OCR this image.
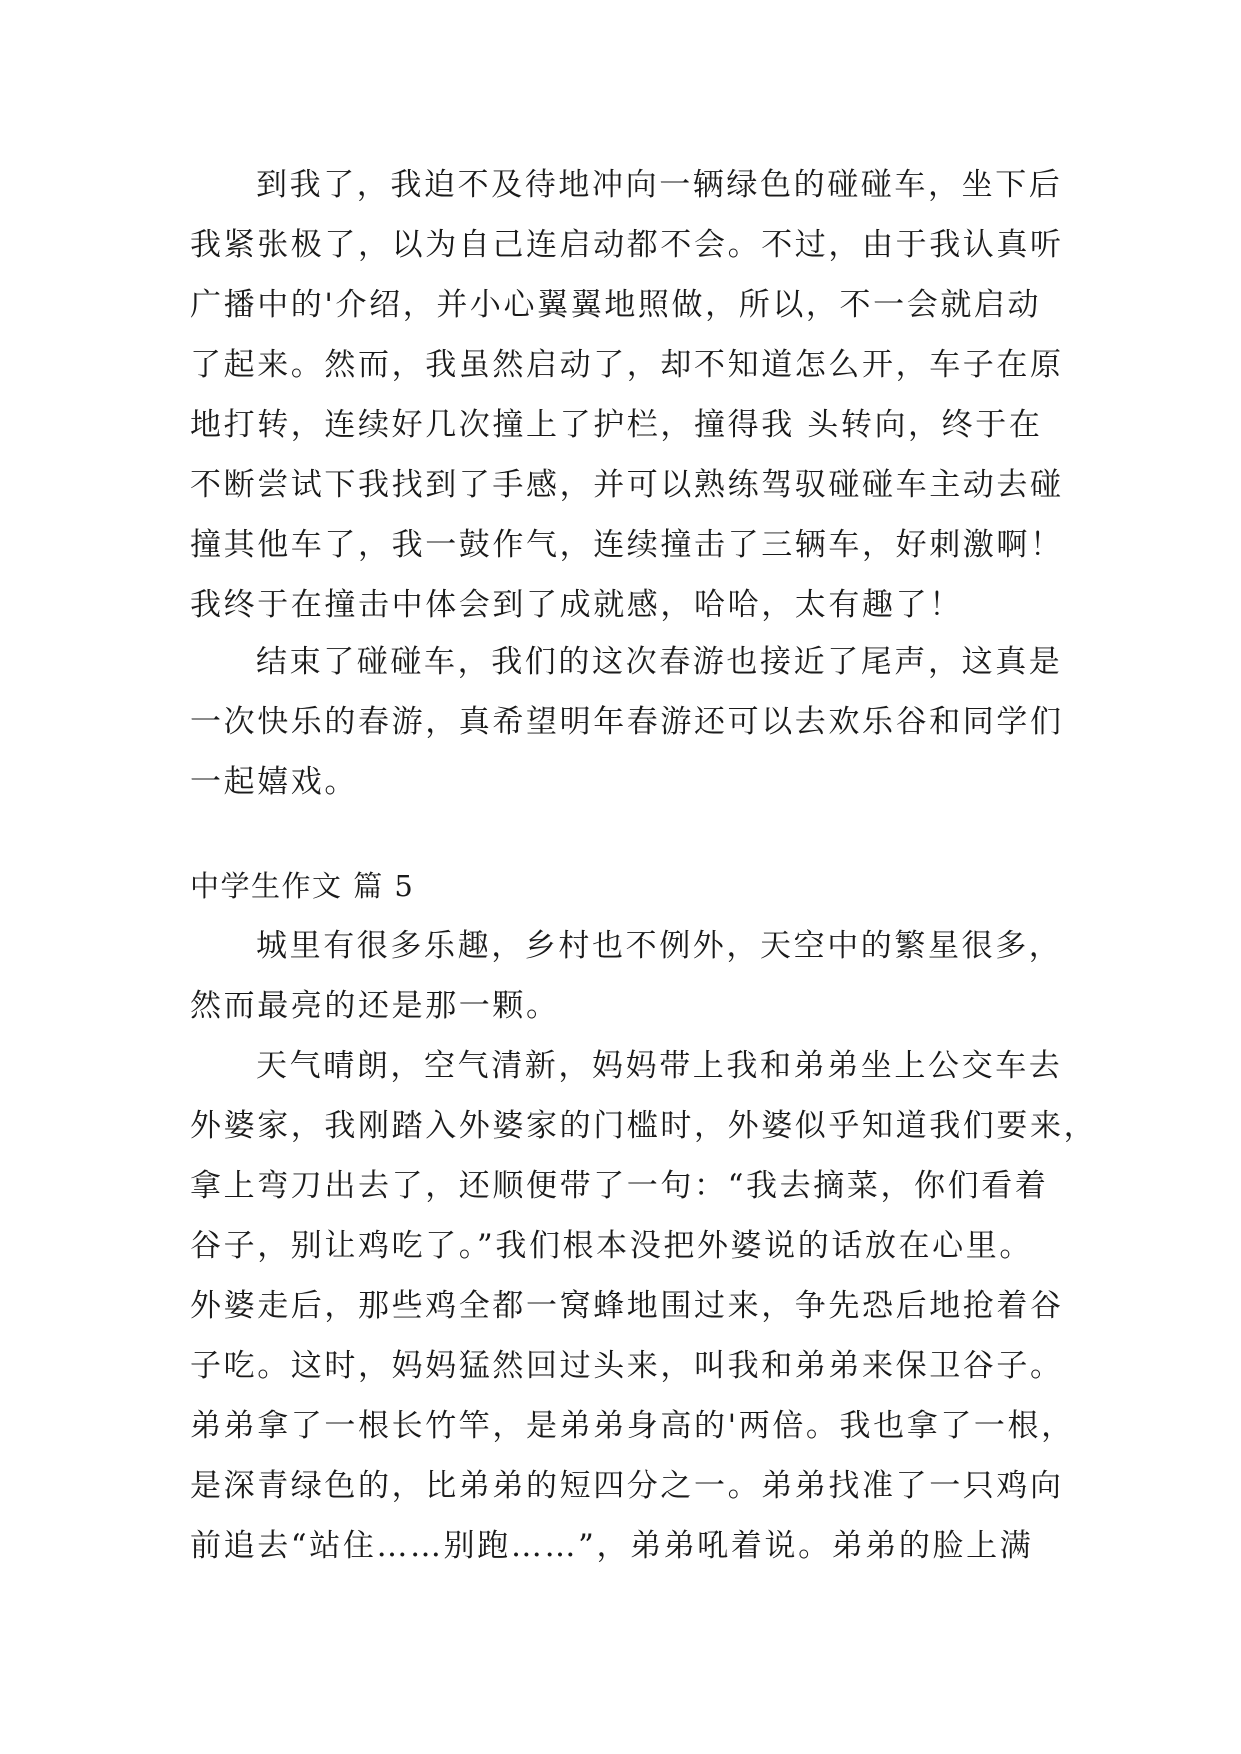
到我了，我迫不及待地冲向一辆绿色的碰碰车，坐下后
我紧张极了，以为自己连启动都不会。不过，由于我认真听
广播中的'介绍，并小心翼翼地照做，所以，不一会就启动
了起来。然而，我虽然启动了，却不知道怎么开，车子在原
地打转，连续好几次撞上了护栏，撞得我 头转向，终于在
不断尝试下我找到了手感，并可以熟练驾驭碰碰车主动去碰
撞其他车了，我一鼓作气，连续撞击了三辆车，好刺激啊！
我终于在撞击中体会到了成就感，哈哈，太有趣了！
结束了碰碰车，我们的这次春游也接近了尾声，这真是
一次快乐的春游，真希望明年春游还可以去欢乐谷和同学们
一起嬉戏。
中学生作文 篇 5
城里有很多乐趣，乡村也不例外，天空中的繁星很多，
然而最亮的还是那一颗。
天气晴朗，空气清新，妈妈带上我和弟弟坐上公交车去
外婆家，我刚踏入外婆家的门槛时，外婆似乎知道我们要来，
拿上弯刀出去了，还顺便带了一句：“我去摘菜，你们看着
谷子，别让鸡吃了。”我们根本没把外婆说的话放在心里。
外婆走后，那些鸡全都一窝蜂地围过来，争先恐后地抢着谷
子吃。这时，妈妈猛然回过头来，叫我和弟弟来保卫谷子。
弟弟拿了一根长竹竿，是弟弟身高的'两倍。我也拿了一根，
是深青绿色的，比弟弟的短四分之一。弟弟找准了一只鸡向
前追去“站住……别跑……”，弟弟吼着说。弟弟的脸上满
